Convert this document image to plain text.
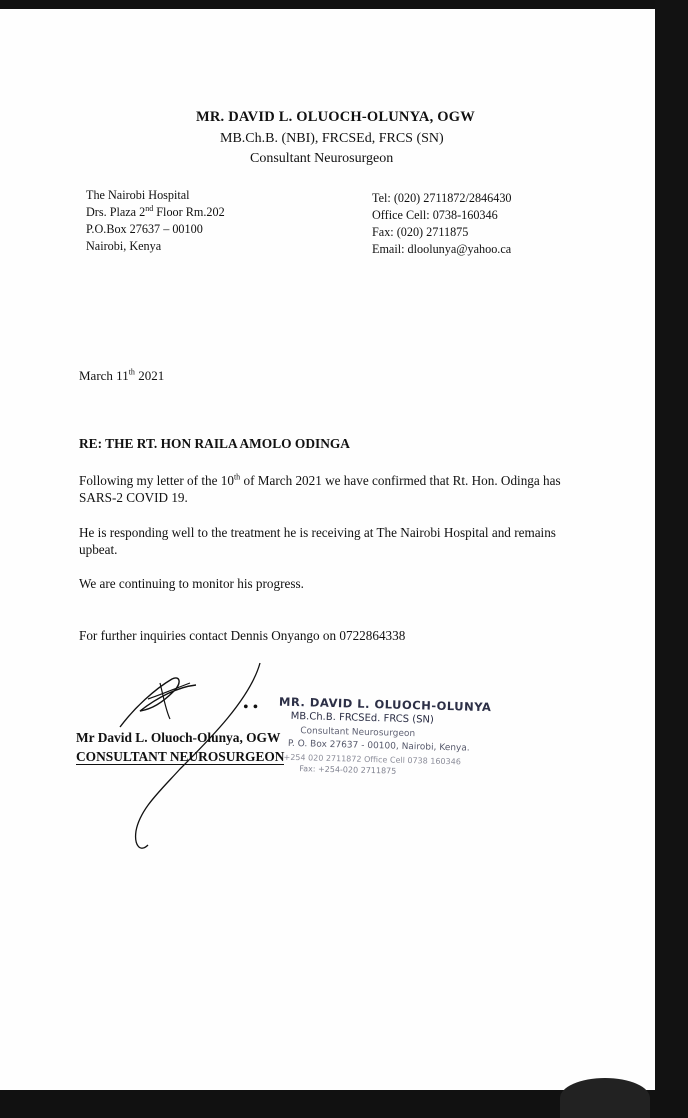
MR. DAVID L. OLUOCH-OLUNYA, OGW
MB.Ch.B. (NBI), FRCSEd, FRCS (SN)
Consultant Neurosurgeon
The Nairobi Hospital
Drs. Plaza 2nd Floor Rm.202
P.O.Box 27637 – 00100
Nairobi, Kenya
Tel: (020) 2711872/2846430
Office Cell: 0738-160346
Fax: (020) 2711875
Email: dloolunya@yahoo.ca
March 11th 2021
RE: THE RT. HON RAILA AMOLO ODINGA
Following my letter of the 10th of March 2021 we have confirmed that Rt. Hon. Odinga has SARS-2 COVID 19.
He is responding well to the treatment he is receiving at The Nairobi Hospital and remains upbeat.
We are continuing to monitor his progress.
For further inquiries contact Dennis Onyango on 0722864338
Mr David L. Oluoch-Olunya, OGW
CONSULTANT NEUROSURGEON
• • MR. DAVID L. OLUOCH-OLUNYA
MB.Ch.B. FRCSEd. FRCS (SN)
Consultant Neurosurgeon
P. O. Box 27637 - 00100, Nairobi, Kenya.
+254 020 2711872 Office Cell 0738 160346
Fax: +254-020 2711875
